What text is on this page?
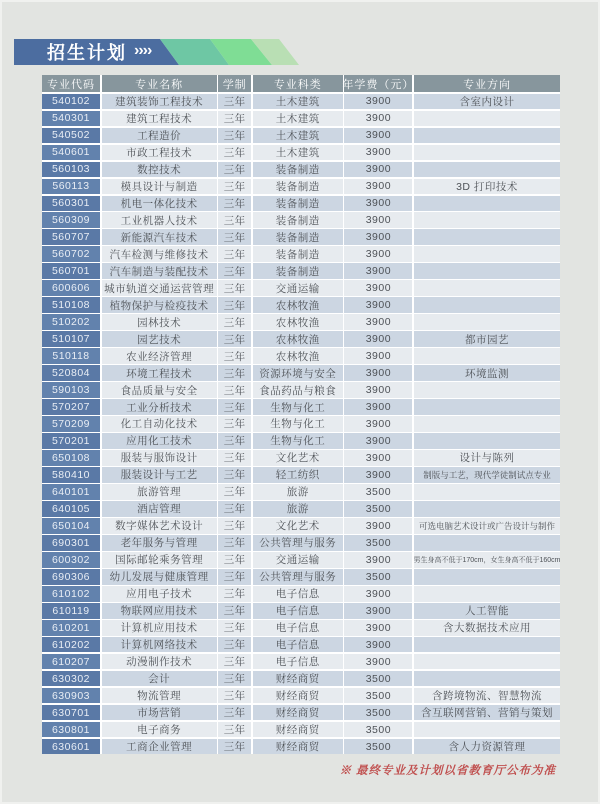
招生计划 ››››
专业代码	专业名称	学制	专业科类	年学费（元）	专业方向
540102	建筑装饰工程技术	三年	土木建筑	3900	含室内设计
540301	建筑工程技术	三年	土木建筑	3900
540502	工程造价	三年	土木建筑	3900
540601	市政工程技术	三年	土木建筑	3900
560103	数控技术	三年	装备制造	3900
560113	模具设计与制造	三年	装备制造	3900	3D 打印技术
560301	机电一体化技术	三年	装备制造	3900
560309	工业机器人技术	三年	装备制造	3900
560707	新能源汽车技术	三年	装备制造	3900
560702	汽车检测与维修技术	三年	装备制造	3900
560701	汽车制造与装配技术	三年	装备制造	3900
600606	城市轨道交通运营管理 三年	交通运输	3900
510108	植物保护与检疫技术	三年	农林牧渔	3900
510202	园林技术	三年	农林牧渔	3900
510107	园艺技术	三年	农林牧渔	3900	都市园艺
510118	农业经济管理	三年	农林牧渔	3900
520804	环境工程技术	三年	资源环境与安全	3900	环境监测
590103	食品质量与安全	三年	食品药品与粮食	3900
570207	工业分析技术	三年	生物与化工	3900
570209	化工自动化技术	三年	生物与化工	3900
570201	应用化工技术	三年	生物与化工	3900
650108	服装与服饰设计	三年	文化艺术	3900	设计与陈列
580410	服装设计与工艺	三年	轻工纺织	3900	制版与工艺，现代学徒制试点专业
640101	旅游管理	三年	旅游	3500
640105	酒店管理	三年	旅游	3500
650104	数字媒体艺术设计	三年	文化艺术	3900	可选电脑艺术设计或广告设计与制作
690301	老年服务与管理	三年	公共管理与服务	3500
600302	国际邮轮乘务管理	三年	交通运输	3900	男生身高不低于170cm，女生身高不低于160cm
690306	幼儿发展与健康管理	三年	公共管理与服务	3500
610102	应用电子技术	三年	电子信息	3900
610119	物联网应用技术	三年	电子信息	3900	人工智能
610201	计算机应用技术	三年	电子信息	3900	含大数据技术应用
610202	计算机网络技术	三年	电子信息	3900
610207	动漫制作技术	三年	电子信息	3900
630302	会计	三年	财经商贸	3500
630903	物流管理	三年	财经商贸	3500	含跨境物流、智慧物流
630701	市场营销	三年	财经商贸	3500	含互联网营销、营销与策划
630801	电子商务	三年	财经商贸	3500
630601	工商企业管理	三年	财经商贸	3500	含人力资源管理
※ 最终专业及计划以省教育厅公布为准
